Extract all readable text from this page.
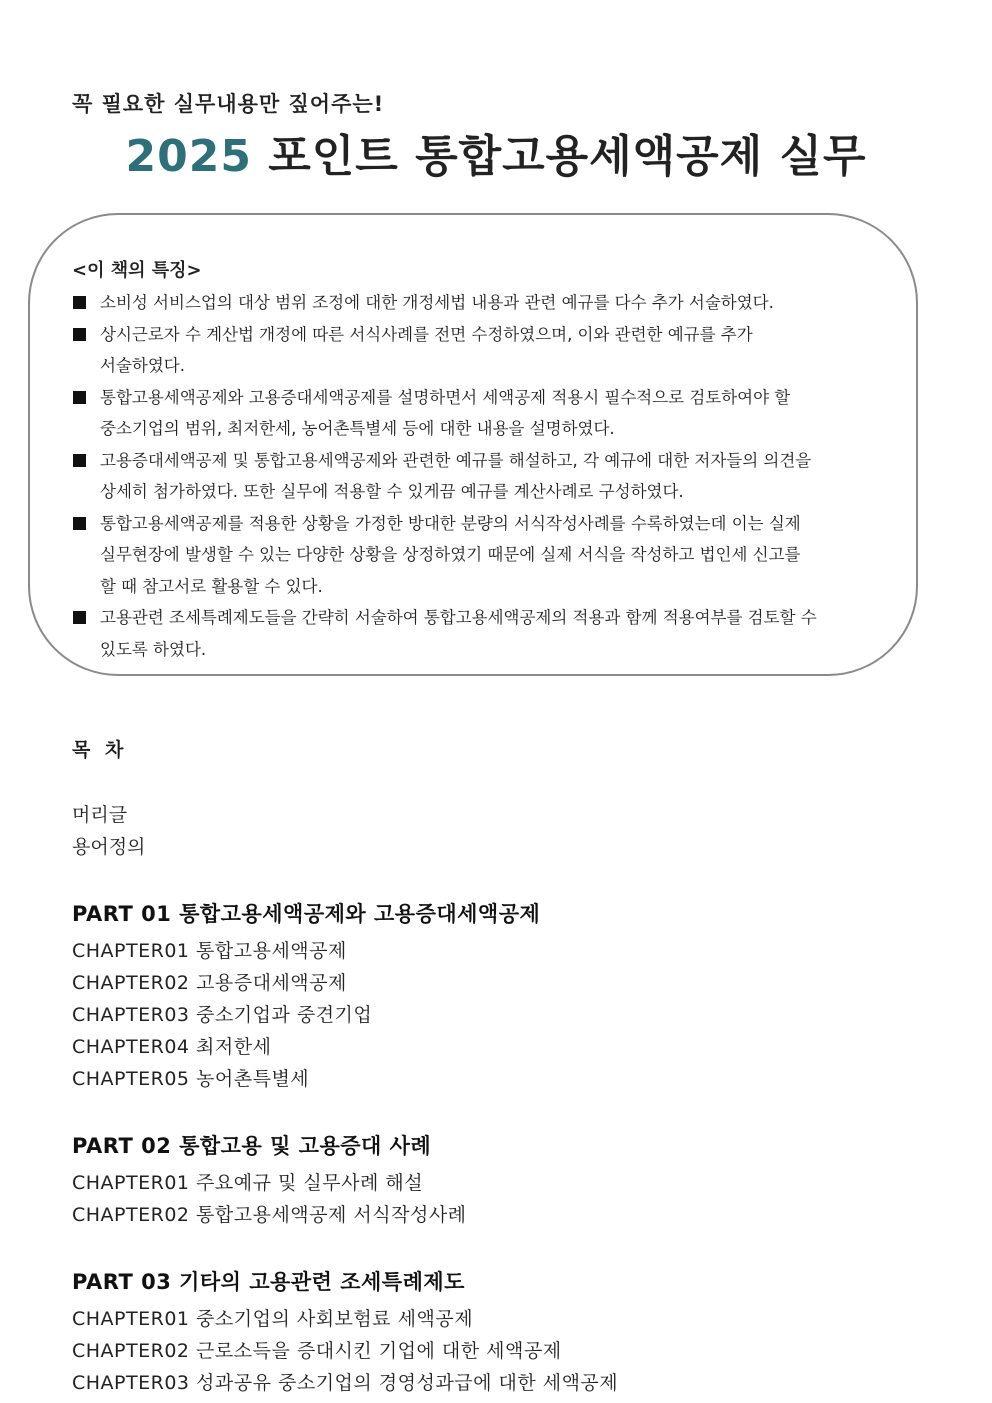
꼭 필요한 실무내용만 짚어주는!
2025 포인트 통합고용세액공제 실무
<이 책의 특징>
소비성 서비스업의 대상 범위 조정에 대한 개정세법 내용과 관련 예규를 다수 추가 서술하였다.
상시근로자 수 계산법 개정에 따른 서식사례를 전면 수정하였으며, 이와 관련한 예규를 추가
서술하였다.
통합고용세액공제와 고용증대세액공제를 설명하면서 세액공제 적용시 필수적으로 검토하여야 할
중소기업의 범위, 최저한세, 농어촌특별세 등에 대한 내용을 설명하였다.
고용증대세액공제 및 통합고용세액공제와 관련한 예규를 해설하고, 각 예규에 대한 저자들의 의견을
상세히 첨가하였다. 또한 실무에 적용할 수 있게끔 예규를 계산사례로 구성하였다.
통합고용세액공제를 적용한 상황을 가정한 방대한 분량의 서식작성사례를 수록하였는데 이는 실제
실무현장에 발생할 수 있는 다양한 상황을 상정하였기 때문에 실제 서식을 작성하고 법인세 신고를
할 때 참고서로 활용할 수 있다.
고용관련 조세특례제도들을 간략히 서술하여 통합고용세액공제의 적용과 함께 적용여부를 검토할 수
있도록 하였다.
목 차
머리글
용어정의
PART 01 통합고용세액공제와 고용증대세액공제
CHAPTER01 통합고용세액공제
CHAPTER02 고용증대세액공제
CHAPTER03 중소기업과 중견기업
CHAPTER04 최저한세
CHAPTER05 농어촌특별세
PART 02 통합고용 및 고용증대 사례
CHAPTER01 주요예규 및 실무사례 해설
CHAPTER02 통합고용세액공제 서식작성사례
PART 03 기타의 고용관련 조세특례제도
CHAPTER01 중소기업의 사회보험료 세액공제
CHAPTER02 근로소득을 증대시킨 기업에 대한 세액공제
CHAPTER03 성과공유 중소기업의 경영성과급에 대한 세액공제
